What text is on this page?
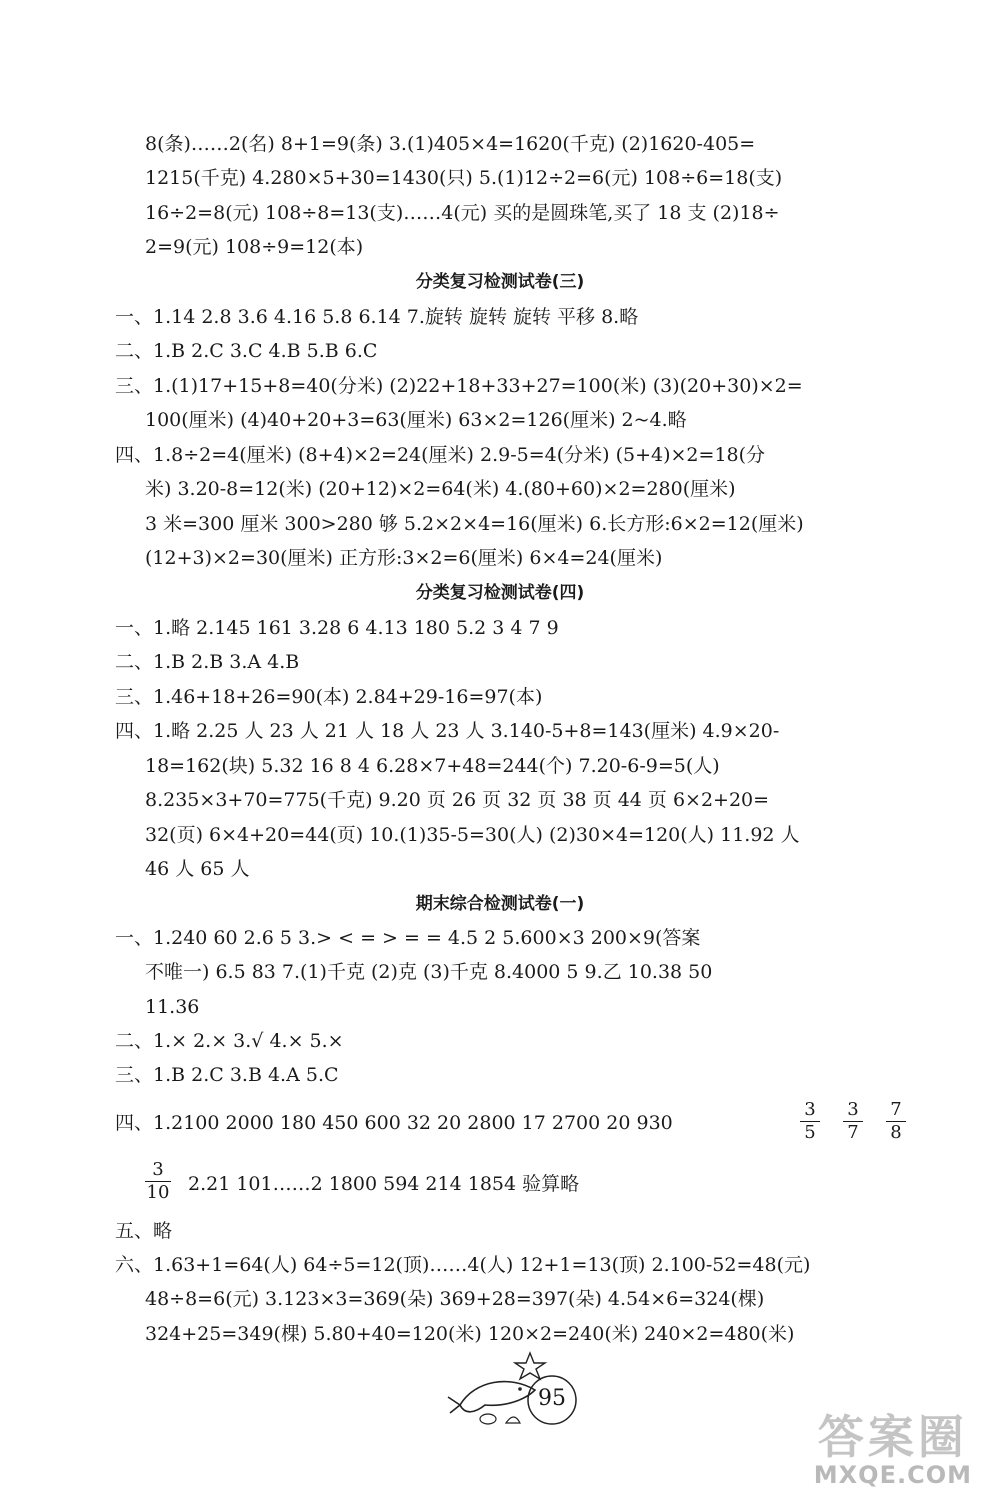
8(条)……2(名) 8+1=9(条) 3.(1)405×4=1620(千克) (2)1620-405=
1215(千克) 4.280×5+30=1430(只) 5.(1)12÷2=6(元) 108÷6=18(支)
16÷2=8(元) 108÷8=13(支)……4(元) 买的是圆珠笔,买了 18 支 (2)18÷
2=9(元) 108÷9=12(本)
分类复习检测试卷(三)
一、1.14 2.8 3.6 4.16 5.8 6.14 7.旋转 旋转 旋转 平移 8.略
二、1.B 2.C 3.C 4.B 5.B 6.C
三、1.(1)17+15+8=40(分米) (2)22+18+33+27=100(米) (3)(20+30)×2=
100(厘米) (4)40+20+3=63(厘米) 63×2=126(厘米) 2~4.略
四、1.8÷2=4(厘米) (8+4)×2=24(厘米) 2.9-5=4(分米) (5+4)×2=18(分
米) 3.20-8=12(米) (20+12)×2=64(米) 4.(80+60)×2=280(厘米)
3 米=300 厘米 300>280 够 5.2×2×4=16(厘米) 6.长方形:6×2=12(厘米)
(12+3)×2=30(厘米) 正方形:3×2=6(厘米) 6×4=24(厘米)
分类复习检测试卷(四)
一、1.略 2.145 161 3.28 6 4.13 180 5.2 3 4 7 9
二、1.B 2.B 3.A 4.B
三、1.46+18+26=90(本) 2.84+29-16=97(本)
四、1.略 2.25 人 23 人 21 人 18 人 23 人 3.140-5+8=143(厘米) 4.9×20-
18=162(块) 5.32 16 8 4 6.28×7+48=244(个) 7.20-6-9=5(人)
8.235×3+70=775(千克) 9.20 页 26 页 32 页 38 页 44 页 6×2+20=
32(页) 6×4+20=44(页) 10.(1)35-5=30(人) (2)30×4=120(人) 11.92 人
46 人 65 人
期末综合检测试卷(一)
一、1.240 60 2.6 5 3.> < = > = = 4.5 2 5.600×3 200×9(答案
不唯一) 6.5 83 7.(1)千克 (2)克 (3)千克 8.4000 5 9.乙 10.38 50
11.36
二、1.× 2.× 3.√ 4.× 5.×
三、1.B 2.C 3.B 4.A 5.C
四、1.2100 2000 180 450 600 32 20 2800 17 2700 20 930
3
5
3
7
7
8
3
10 2.21 101……2 1800 594 214 1854 验算略
五、略
六、1.63+1=64(人) 64÷5=12(顶)……4(人) 12+1=13(顶) 2.100-52=48(元)
48÷8=6(元) 3.123×3=369(朵) 369+28=397(朵) 4.54×6=324(棵)
324+25=349(棵) 5.80+40=120(米) 120×2=240(米) 240×2=480(米)
95
答案圈
MXQE.COM
